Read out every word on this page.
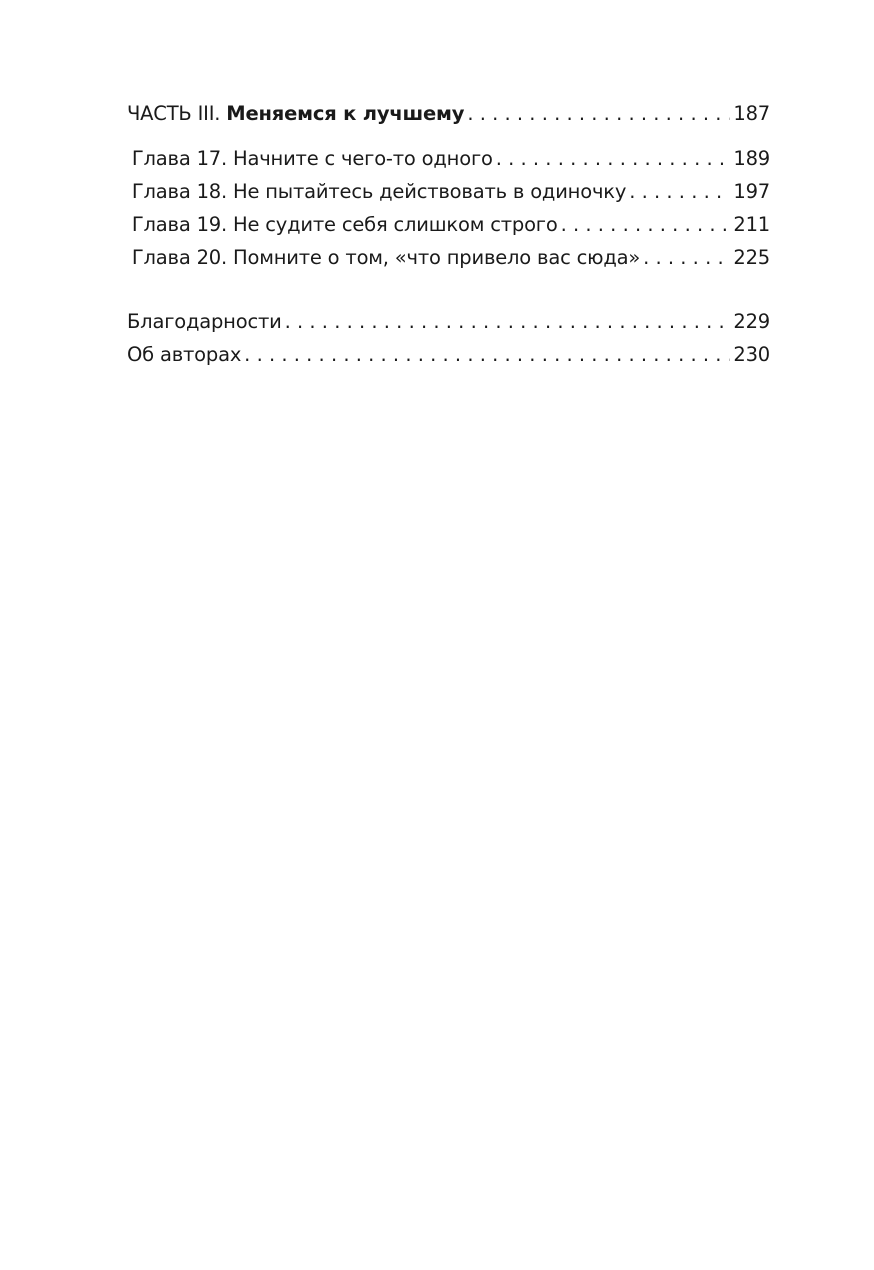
ЧАСТЬ III. Меняемся к лучшему . . .	187
Глава 17. Начните с чего-то одного . . .	189
Глава 18. Не пытайтесь действовать в одиночку . . .	197
Глава 19. Не судите себя слишком строго . . .	211
Глава 20. Помните о том, «что привело вас сюда» . . .	225
Благодарности . . .	229
Об авторах . . .	230
